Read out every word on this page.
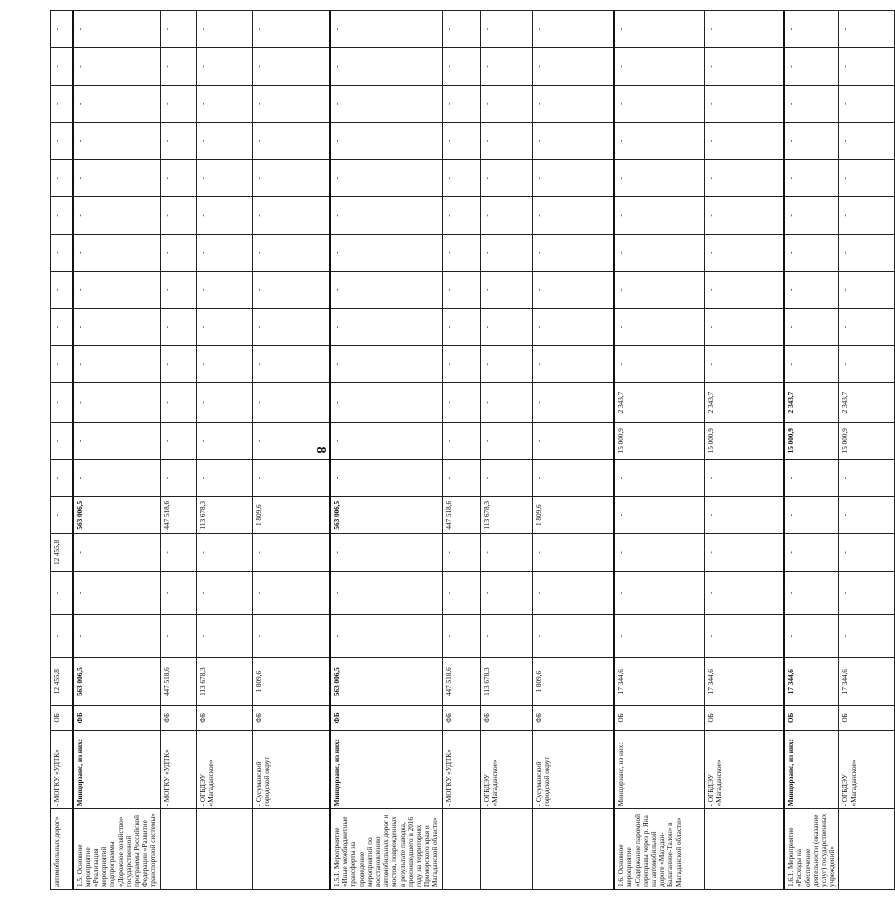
8
автомобильных дорог»	- МОГКУ «УДТК»	ОБ	12 455,8	-	-	12 455,8	-	-	-	-	-	-	-	-	-	-	-	-	-	-
1.5. Основное мероприятие «Реализация мероприятий подпрограммы «Дорожное хозяйство» государственной программы Российской Федерации «Развитие транспортной системы»	Минцорзанс, из них:	ФБ	563 006,5	-	-	-	563 006,5	-	-	-	-	-	-	-	-	-	-	-	-	-
	- МОГКУ «УДТК»	ФБ	447 518,6	-	-	-	447 518,6	-	-	-	-	-	-	-	-	-	-	-	-	-
	- ОГБДЭУ «Магаданское»	ФБ	113 678,3	-	-	-	113 678,3	-	-	-	-	-	-	-	-	-	-	-	-	-
	- Сусуманский городской округ	ФБ	1 809,6	-	-	-	1 809,6	-	-	-	-	-	-	-	-	-	-	-	-	-
1.5.1. Мероприятие «Иные межбюджетные трансферты на проведение мероприятий по восстановлению автомобильных дорог и мостов, поврежденных в результате паводка, произошедшего в 2016 году на территориях Приморского края и Магаданской области»	Минцорзанс, из них:	ФБ	563 006,5	-	-	-	563 006,5	-	-	-	-	-	-	-	-	-	-	-	-	-
	- МОГКУ «УДТК»	ФБ	447 518,6	-	-	-	447 518,6	-	-	-	-	-	-	-	-	-	-	-	-	-
	- ОГБДЭУ «Магаданское»	ФБ	113 678,3	-	-	-	113 678,3	-	-	-	-	-	-	-	-	-	-	-	-	-
	- Сусуманский городской округ	ФБ	1 809,6	-	-	-	1 809,6	-	-	-	-	-	-	-	-	-	-	-	-	-
1.6. Основное мероприятие «Содержание паромной переправы через р. Яна на автомобильной дороге «Магадан-Балаганное-Талон» в Магаданской области»	Минцорзанс, из них:	ОБ	17 344,6	-	-	-	-	-	15 000,9	2 343,7	-	-	-	-	-	-	-	-	-	-
	- ОГБДЭУ «Магаданское»	ОБ	17 344,6	-	-	-	-	-	15 000,9	2 343,7	-	-	-	-	-	-	-	-	-	-
1.6.1. Мероприятие «Расходы на обеспечение деятельности (оказание услуг) государственных учреждений»	Минцорзанс, из них:	ОБ	17 344,6	-	-	-	-	-	15 000,9	2 343,7	-	-	-	-	-	-	-	-	-	-
	- ОГБДЭУ «Магаданское»	ОБ	17 344,6	-	-	-	-	-	15 000,9	2 343,7	-	-	-	-	-	-	-	-	-	-
